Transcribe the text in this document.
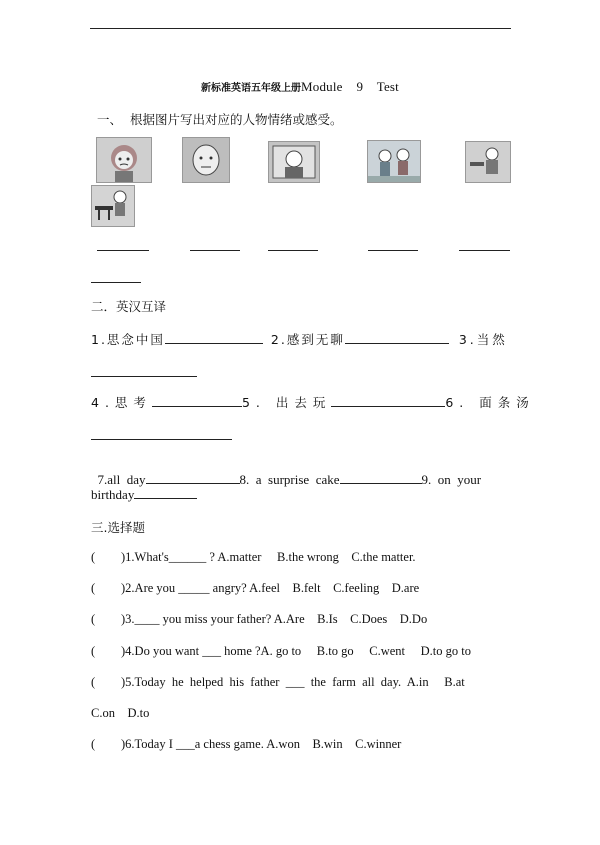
新标准英语五年级上册Module    9    Test
一、  根据图片写出对应的人物情绪或感受。
二．英汉互译
1.思念中国	2.感到无聊	3.当然
4.思考	5. 出去玩	6. 面条汤

7.all  day	8.  a  surprise  cake	9.  on  your

birthday
三.选择题
( )1.What's______ ? A.matter     B.the wrong    C.the matter.
( )2.Are you _____ angry? A.feel    B.felt    C.feeling    D.are
( )3.____ you miss your father? A.Are    B.Is    C.Does    D.Do
( )4.Do you want ___ home ?A. go to     B.to go     C.went     D.to go to
( )5.Today  he  helped  his  father  ___  the  farm  all  day.  A.in     B.at
C.on    D.to
( )6.Today I ___a chess game. A.won    B.win    C.winner
